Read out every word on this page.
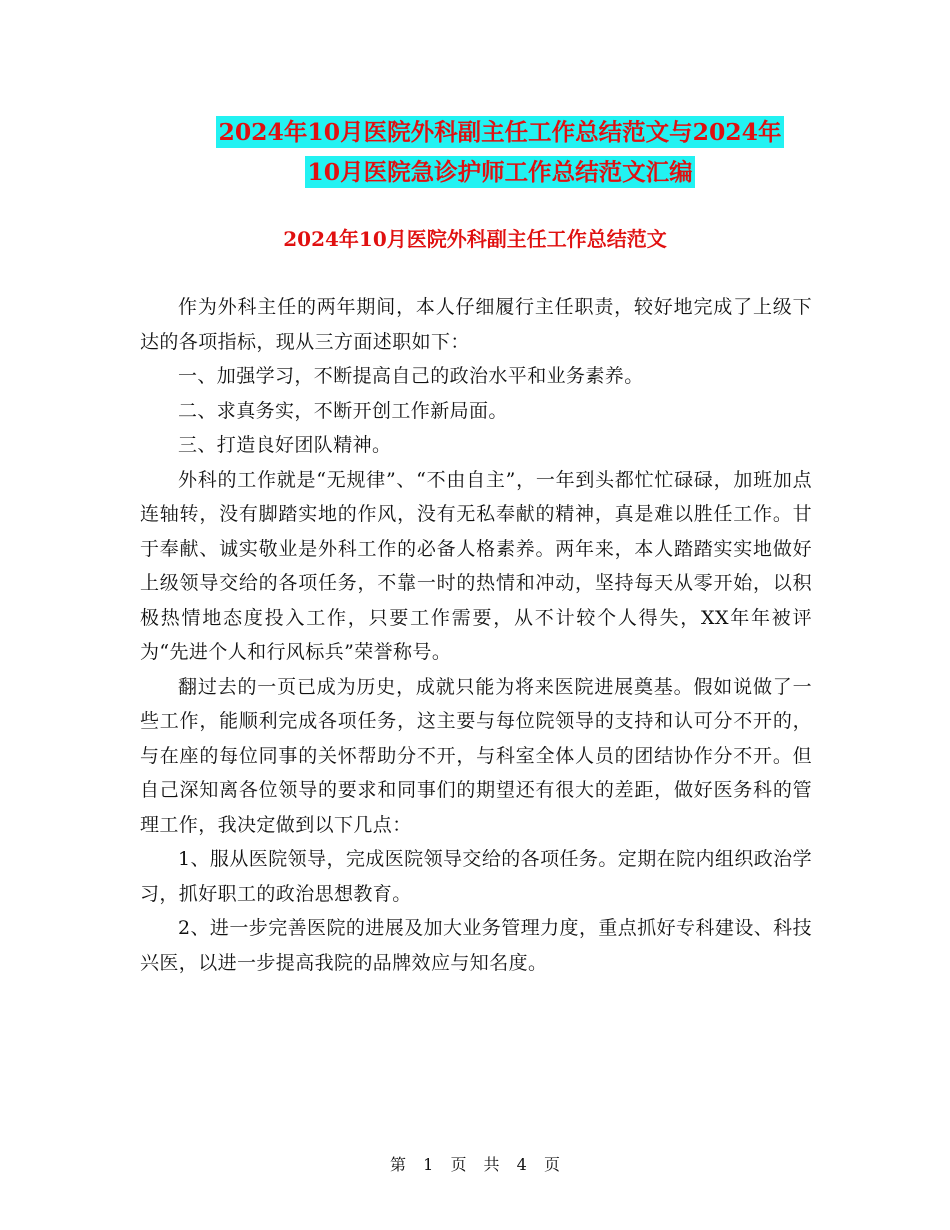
2024年10月医院外科副主任工作总结范文与2024年
10月医院急诊护师工作总结范文汇编
2024年10月医院外科副主任工作总结范文

作为外科主任的两年期间，本人仔细履行主任职责，较好地完成了上级下达的各项指标，现从三方面述职如下：

一、加强学习，不断提高自己的政治水平和业务素养。

二、求真务实，不断开创工作新局面。

三、打造良好团队精神。

外科的工作就是“无规律”、“不由自主”，一年到头都忙忙碌碌，加班加点连轴转，没有脚踏实地的作风，没有无私奉献的精神，真是难以胜任工作。甘于奉献、诚实敬业是外科工作的必备人格素养。两年来，本人踏踏实实地做好上级领导交给的各项任务，不靠一时的热情和冲动，坚持每天从零开始，以积极热情地态度投入工作，只要工作需要，从不计较个人得失，XX年年被评为“先进个人和行风标兵”荣誉称号。

翻过去的一页已成为历史，成就只能为将来医院进展奠基。假如说做了一些工作，能顺利完成各项任务，这主要与每位院领导的支持和认可分不开的，与在座的每位同事的关怀帮助分不开，与科室全体人员的团结协作分不开。但自己深知离各位领导的要求和同事们的期望还有很大的差距，做好医务科的管理工作，我决定做到以下几点：

1、服从医院领导，完成医院领导交给的各项任务。定期在院内组织政治学习，抓好职工的政治思想教育。

2、进一步完善医院的进展及加大业务管理力度，重点抓好专科建设、科技兴医，以进一步提高我院的品牌效应与知名度。

第 1 页 共 4 页
